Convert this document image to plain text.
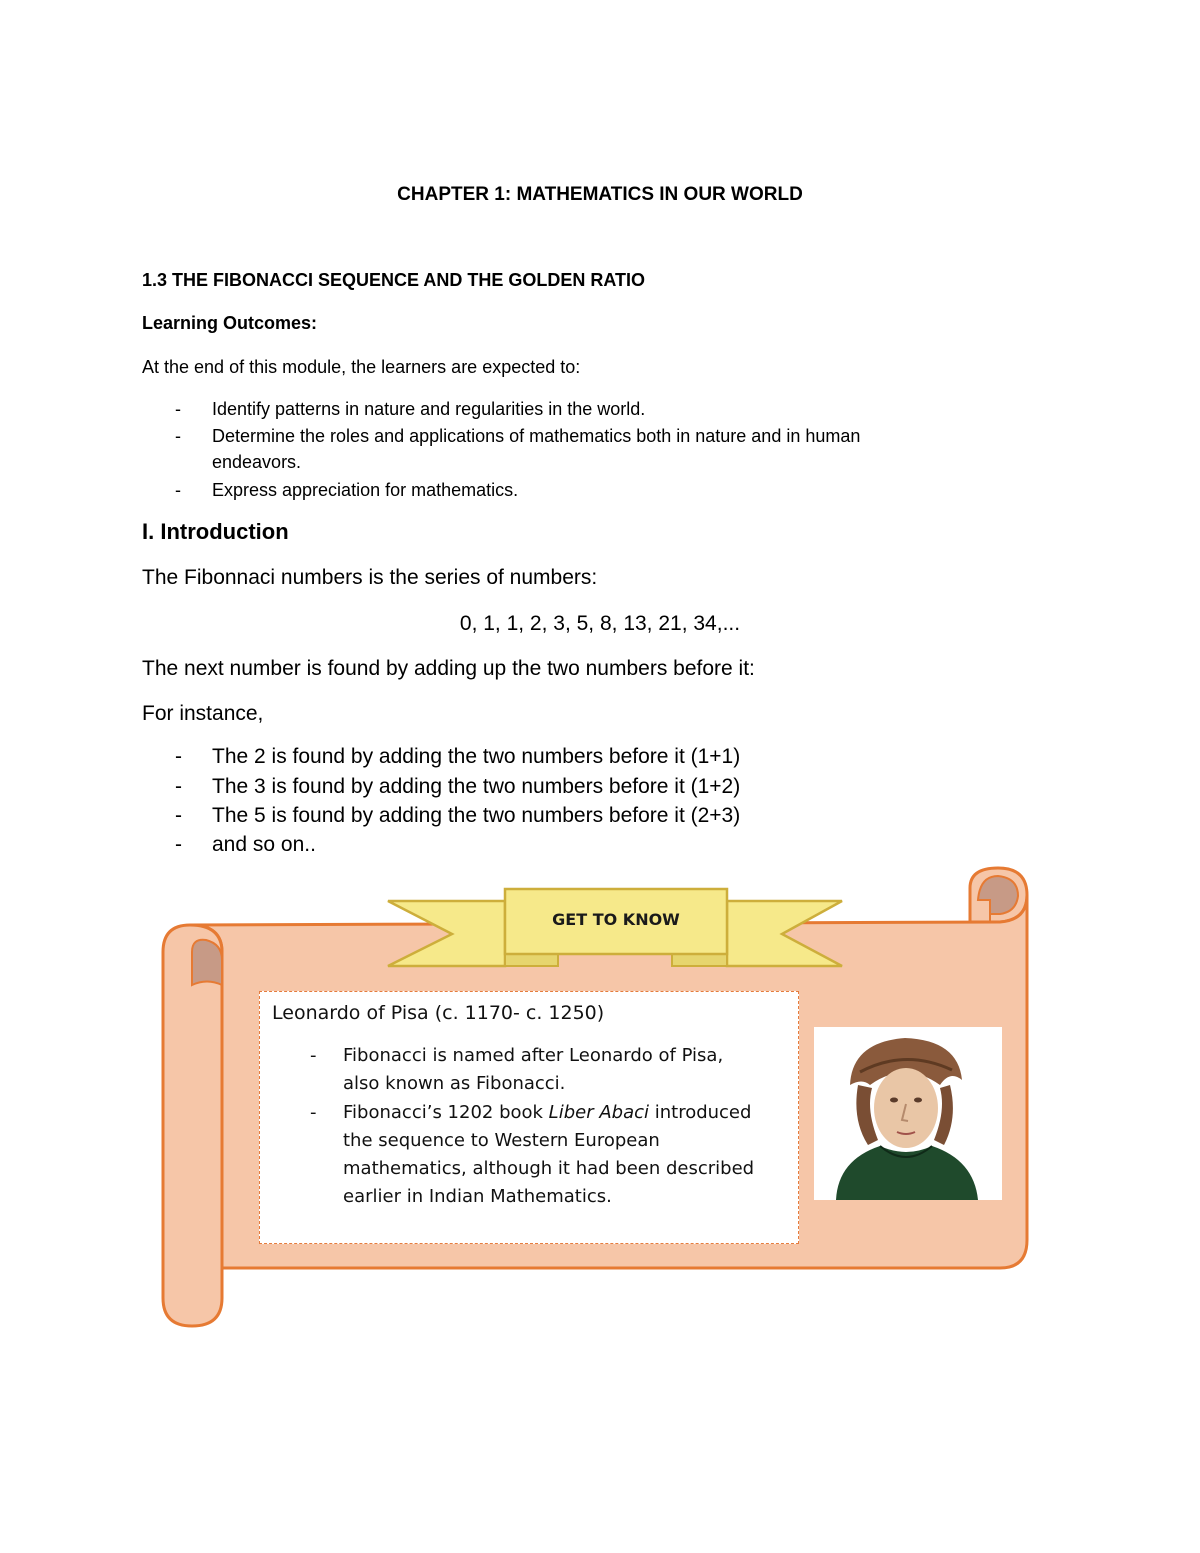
CHAPTER 1: MATHEMATICS IN OUR WORLD
1.3 THE FIBONACCI SEQUENCE AND THE GOLDEN RATIO
Learning Outcomes:
At the end of this module, the learners are expected to:
- Identify patterns in nature and regularities in the world.
- Determine the roles and applications of mathematics both in nature and in human
endeavors.
- Express appreciation for mathematics.
I. Introduction
The Fibonnaci numbers is the series of numbers:
0, 1, 1, 2, 3, 5, 8, 13, 21, 34,...
The next number is found by adding up the two numbers before it:
For instance,
- The 2 is found by adding the two numbers before it (1+1)
- The 3 is found by adding the two numbers before it (1+2)
- The 5 is found by adding the two numbers before it (2+3)
- and so on..
GET TO KNOW
Leonardo of Pisa (c. 1170- c. 1250)
- Fibonacci is named after Leonardo of Pisa,
also known as Fibonacci.
- Fibonacci’s 1202 book Liber Abaci introduced
the sequence to Western European
mathematics, although it had been described
earlier in Indian Mathematics.
